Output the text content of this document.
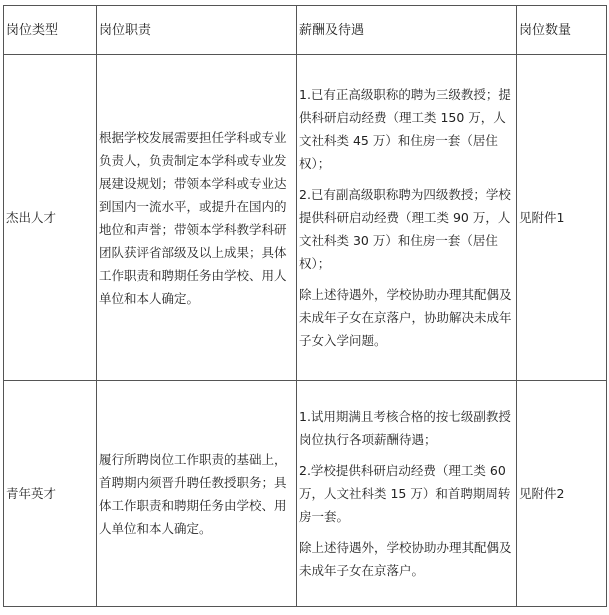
岗位类型	岗位职责	薪酬及待遇	岗位数量
杰出人才	根据学校发展需要担任学科或专业负责人，负责制定本学科或专业发展建设规划；带领本学科或专业达到国内一流水平，或提升在国内的地位和声誉；带领本学科教学科研团队获评省部级及以上成果；具体工作职责和聘期任务由学校、用人单位和本人确定。	1.已有正高级职称的聘为三级教授；提供科研启动经费（理工类 150 万，人文社科类 45 万）和住房一套（居住权）；

2.已有副高级职称聘为四级教授；学校提供科研启动经费（理工类 90 万，人文社科类 30 万）和住房一套（居住权）；

除上述待遇外，学校协助办理其配偶及未成年子女在京落户，协助解决未成年子女入学问题。	见附件1
青年英才	履行所聘岗位工作职责的基础上，首聘期内须晋升聘任教授职务；具体工作职责和聘期任务由学校、用人单位和本人确定。	1.试用期满且考核合格的按七级副教授岗位执行各项薪酬待遇；

2.学校提供科研启动经费（理工类 60 万，人文社科类 15 万）和首聘期周转房一套。

除上述待遇外，学校协助办理其配偶及未成年子女在京落户。	见附件2
